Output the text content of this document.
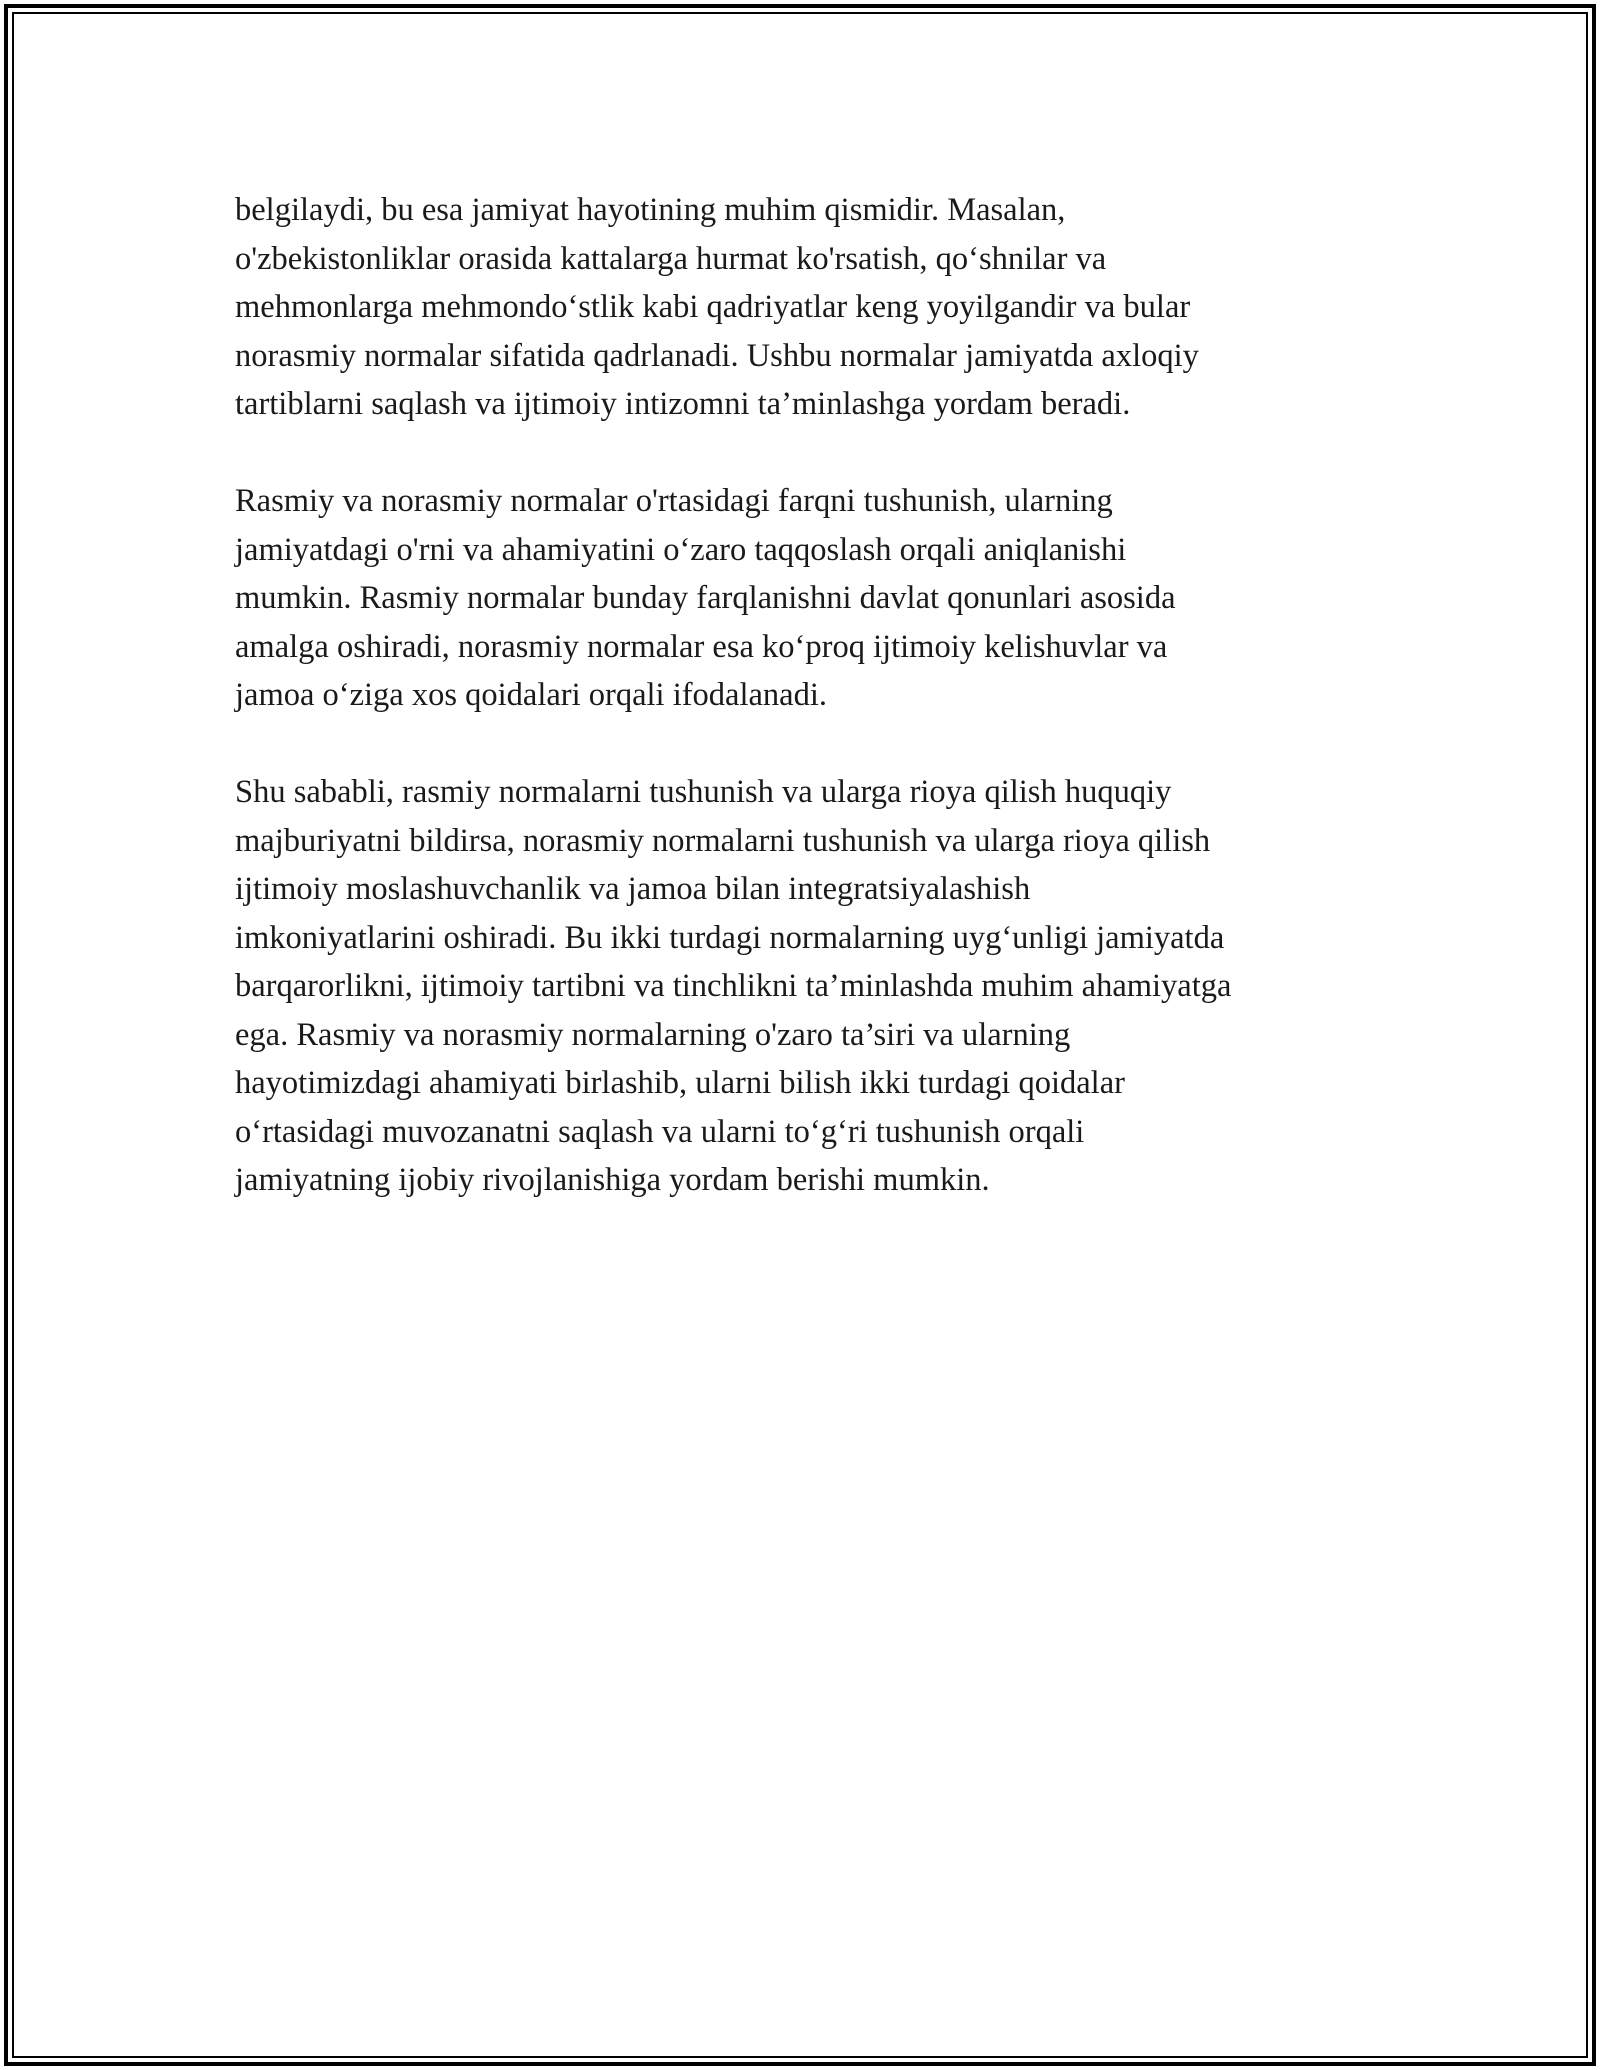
belgilaydi, bu esa jamiyat hayotining muhim qismidir. Masalan,
o'zbekistonliklar orasida kattalarga hurmat ko'rsatish, qo‘shnilar va
mehmonlarga mehmondo‘stlik kabi qadriyatlar keng yoyilgandir va bular
norasmiy normalar sifatida qadrlanadi. Ushbu normalar jamiyatda axloqiy
tartiblarni saqlash va ijtimoiy intizomni ta’minlashga yordam beradi.

Rasmiy va norasmiy normalar o'rtasidagi farqni tushunish, ularning
jamiyatdagi o'rni va ahamiyatini o‘zaro taqqoslash orqali aniqlanishi
mumkin. Rasmiy normalar bunday farqlanishni davlat qonunlari asosida
amalga oshiradi, norasmiy normalar esa ko‘proq ijtimoiy kelishuvlar va
jamoa o‘ziga xos qoidalari orqali ifodalanadi.

Shu sababli, rasmiy normalarni tushunish va ularga rioya qilish huquqiy
majburiyatni bildirsa, norasmiy normalarni tushunish va ularga rioya qilish
ijtimoiy moslashuvchanlik va jamoa bilan integratsiyalashish
imkoniyatlarini oshiradi. Bu ikki turdagi normalarning uyg‘unligi jamiyatda
barqarorlikni, ijtimoiy tartibni va tinchlikni ta’minlashda muhim ahamiyatga
ega. Rasmiy va norasmiy normalarning o'zaro ta’siri va ularning
hayotimizdagi ahamiyati birlashib, ularni bilish ikki turdagi qoidalar
o‘rtasidagi muvozanatni saqlash va ularni to‘g‘ri tushunish orqali
jamiyatning ijobiy rivojlanishiga yordam berishi mumkin.
